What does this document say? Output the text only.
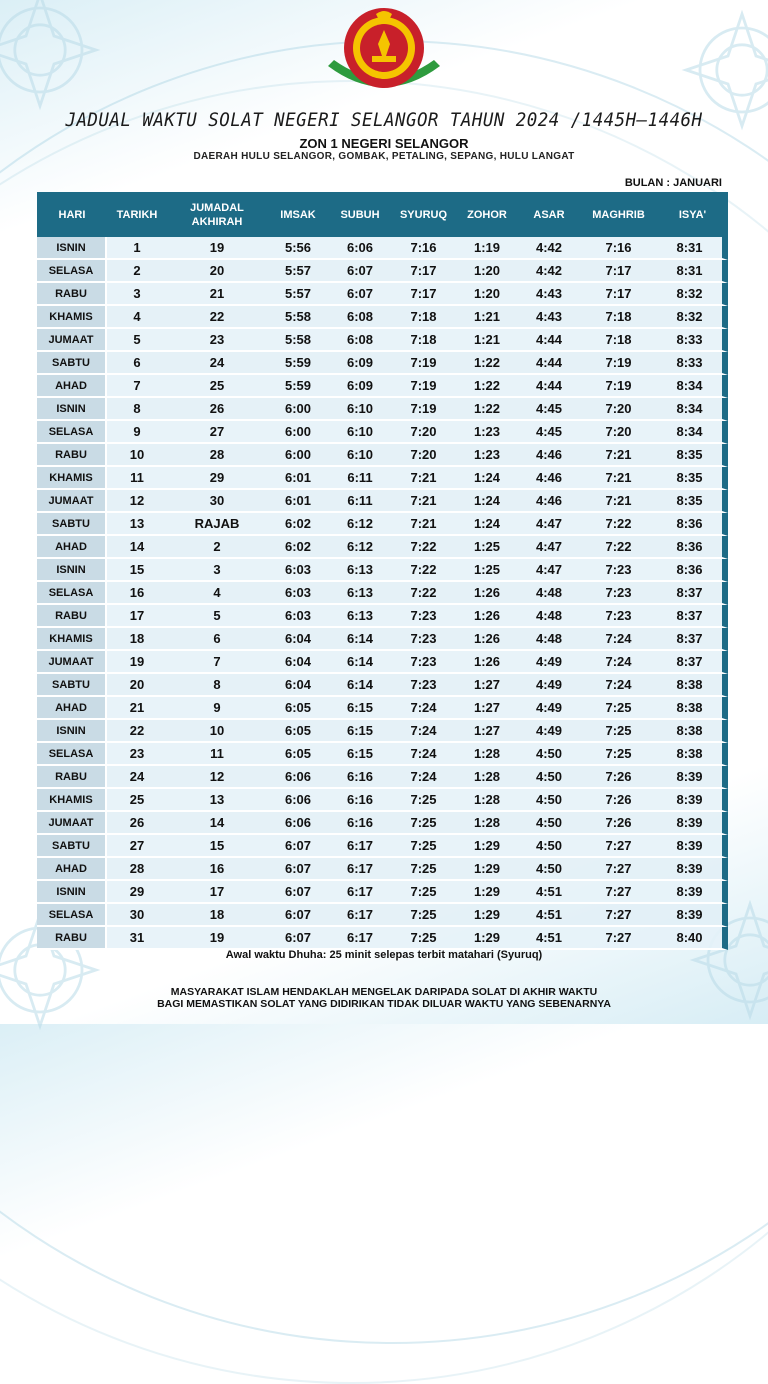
JADUAL WAKTU SOLAT NEGERI SELANGOR TAHUN 2024 /1445H—1446H
ZON 1 NEGERI SELANGOR
DAERAH HULU SELANGOR, GOMBAK, PETALING, SEPANG, HULU LANGAT
BULAN : JANUARI
HARI	TARIKH	JUMADAL AKHIRAH	IMSAK	SUBUH	SYURUQ	ZOHOR	ASAR	MAGHRIB	ISYA'
ISNIN	1	19	5:56	6:06	7:16	1:19	4:42	7:16	8:31
SELASA	2	20	5:57	6:07	7:17	1:20	4:42	7:17	8:31
RABU	3	21	5:57	6:07	7:17	1:20	4:43	7:17	8:32
KHAMIS	4	22	5:58	6:08	7:18	1:21	4:43	7:18	8:32
JUMAAT	5	23	5:58	6:08	7:18	1:21	4:44	7:18	8:33
SABTU	6	24	5:59	6:09	7:19	1:22	4:44	7:19	8:33
AHAD	7	25	5:59	6:09	7:19	1:22	4:44	7:19	8:34
ISNIN	8	26	6:00	6:10	7:19	1:22	4:45	7:20	8:34
SELASA	9	27	6:00	6:10	7:20	1:23	4:45	7:20	8:34
RABU	10	28	6:00	6:10	7:20	1:23	4:46	7:21	8:35
KHAMIS	11	29	6:01	6:11	7:21	1:24	4:46	7:21	8:35
JUMAAT	12	30	6:01	6:11	7:21	1:24	4:46	7:21	8:35
SABTU	13	RAJAB	6:02	6:12	7:21	1:24	4:47	7:22	8:36
AHAD	14	2	6:02	6:12	7:22	1:25	4:47	7:22	8:36
ISNIN	15	3	6:03	6:13	7:22	1:25	4:47	7:23	8:36
SELASA	16	4	6:03	6:13	7:22	1:26	4:48	7:23	8:37
RABU	17	5	6:03	6:13	7:23	1:26	4:48	7:23	8:37
KHAMIS	18	6	6:04	6:14	7:23	1:26	4:48	7:24	8:37
JUMAAT	19	7	6:04	6:14	7:23	1:26	4:49	7:24	8:37
SABTU	20	8	6:04	6:14	7:23	1:27	4:49	7:24	8:38
AHAD	21	9	6:05	6:15	7:24	1:27	4:49	7:25	8:38
ISNIN	22	10	6:05	6:15	7:24	1:27	4:49	7:25	8:38
SELASA	23	11	6:05	6:15	7:24	1:28	4:50	7:25	8:38
RABU	24	12	6:06	6:16	7:24	1:28	4:50	7:26	8:39
KHAMIS	25	13	6:06	6:16	7:25	1:28	4:50	7:26	8:39
JUMAAT	26	14	6:06	6:16	7:25	1:28	4:50	7:26	8:39
SABTU	27	15	6:07	6:17	7:25	1:29	4:50	7:27	8:39
AHAD	28	16	6:07	6:17	7:25	1:29	4:50	7:27	8:39
ISNIN	29	17	6:07	6:17	7:25	1:29	4:51	7:27	8:39
SELASA	30	18	6:07	6:17	7:25	1:29	4:51	7:27	8:39
RABU	31	19	6:07	6:17	7:25	1:29	4:51	7:27	8:40
Awal waktu Dhuha: 25 minit selepas terbit matahari (Syuruq)
MASYARAKAT ISLAM HENDAKLAH MENGELAK DARIPADA SOLAT DI AKHIR WAKTU
BAGI MEMASTIKAN SOLAT YANG DIDIRIKAN TIDAK DILUAR WAKTU YANG SEBENARNYA
